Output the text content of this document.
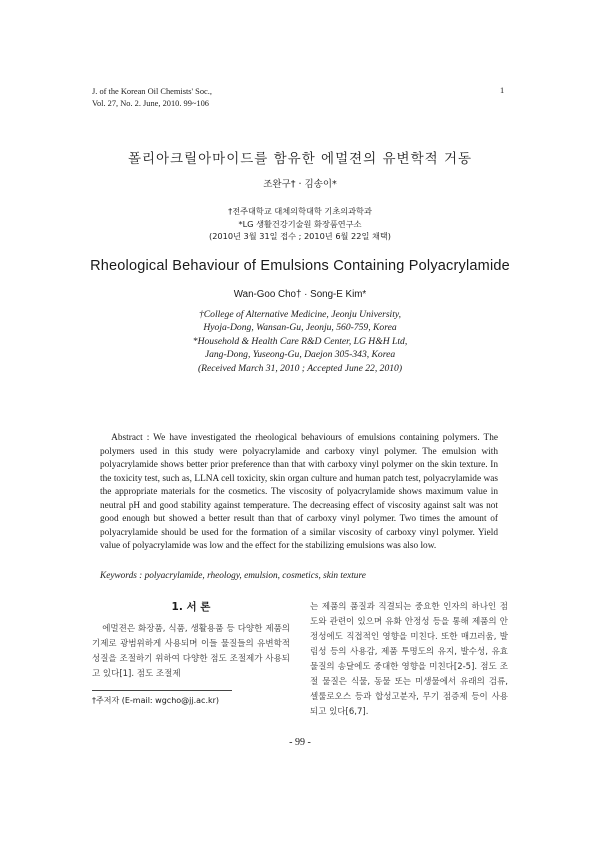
J. of the Korean Oil Chemists' Soc.,
Vol. 27, No. 2. June, 2010. 99~106
1
폴리아크릴아마이드를 함유한 에멀젼의 유변학적 거동
조완구† · 김송이*
†전주대학교 대체의학대학 기초의과학과
*LG 생활건강기술원 화장품연구소
(2010년 3월 31일 접수 ; 2010년 6월 22일 채택)
Rheological Behaviour of Emulsions Containing Polyacrylamide
Wan-Goo Cho† · Song-E Kim*
†College of Alternative Medicine, Jeonju University,
Hyoja-Dong, Wansan-Gu, Jeonju, 560-759, Korea
*Household & Health Care R&D Center, LG H&H Ltd,
Jang-Dong, Yuseong-Gu, Daejon 305-343, Korea
(Received March 31, 2010 ; Accepted June 22, 2010)

Abstract : We have investigated the rheological behaviours of emulsions containing polymers. The polymers used in this study were polyacrylamide and carboxy vinyl polymer. The emulsion with polyacrylamide shows better prior preference than that with carboxy vinyl polymer on the skin texture. In the toxicity test, such as, LLNA cell toxicity, skin organ culture and human patch test, polyacrylamide was the appropriate materials for the cosmetics. The viscosity of polyacrylamide shows maximum value in neutral pH and good stability against temperature. The decreasing effect of viscosity against salt was not good enough but showed a better result than that of carboxy vinyl polymer. Two times the amount of polyacrylamide should be used for the formation of a similar viscosity of carboxy vinyl polymer. Yield value of polyacrylamide was low and the effect for the stabilizing emulsions was also low.

Keywords : polyacrylamide, rheology, emulsion, cosmetics, skin texture
1. 서 론

에멀젼은 화장품, 식품, 생활용품 등 다양한 제품의 기제로 광범위하게 사용되며 이들 물질들의 유변학적 성질을 조절하기 위하여 다양한 점도 조절제가 사용되고 있다[1]. 점도 조절제

는 제품의 품질과 직결되는 중요한 인자의 하나인 점도와 관련이 있으며 유화 안정성 등을 통해 제품의 안정성에도 직접적인 영향을 미친다. 또한 매끄러움, 발림성 등의 사용감, 제품 투명도의 유지, 발수성, 유효물질의 송달에도 중대한 영향을 미친다[2-5]. 점도 조절 물질은 식물, 동물 또는 미생물에서 유래의 검류, 셀룰로오스 등과 합성고분자, 무기 점증제 등이 사용되고 있다[6,7].

†주저자 (E-mail: wgcho@jj.ac.kr)
- 99 -
